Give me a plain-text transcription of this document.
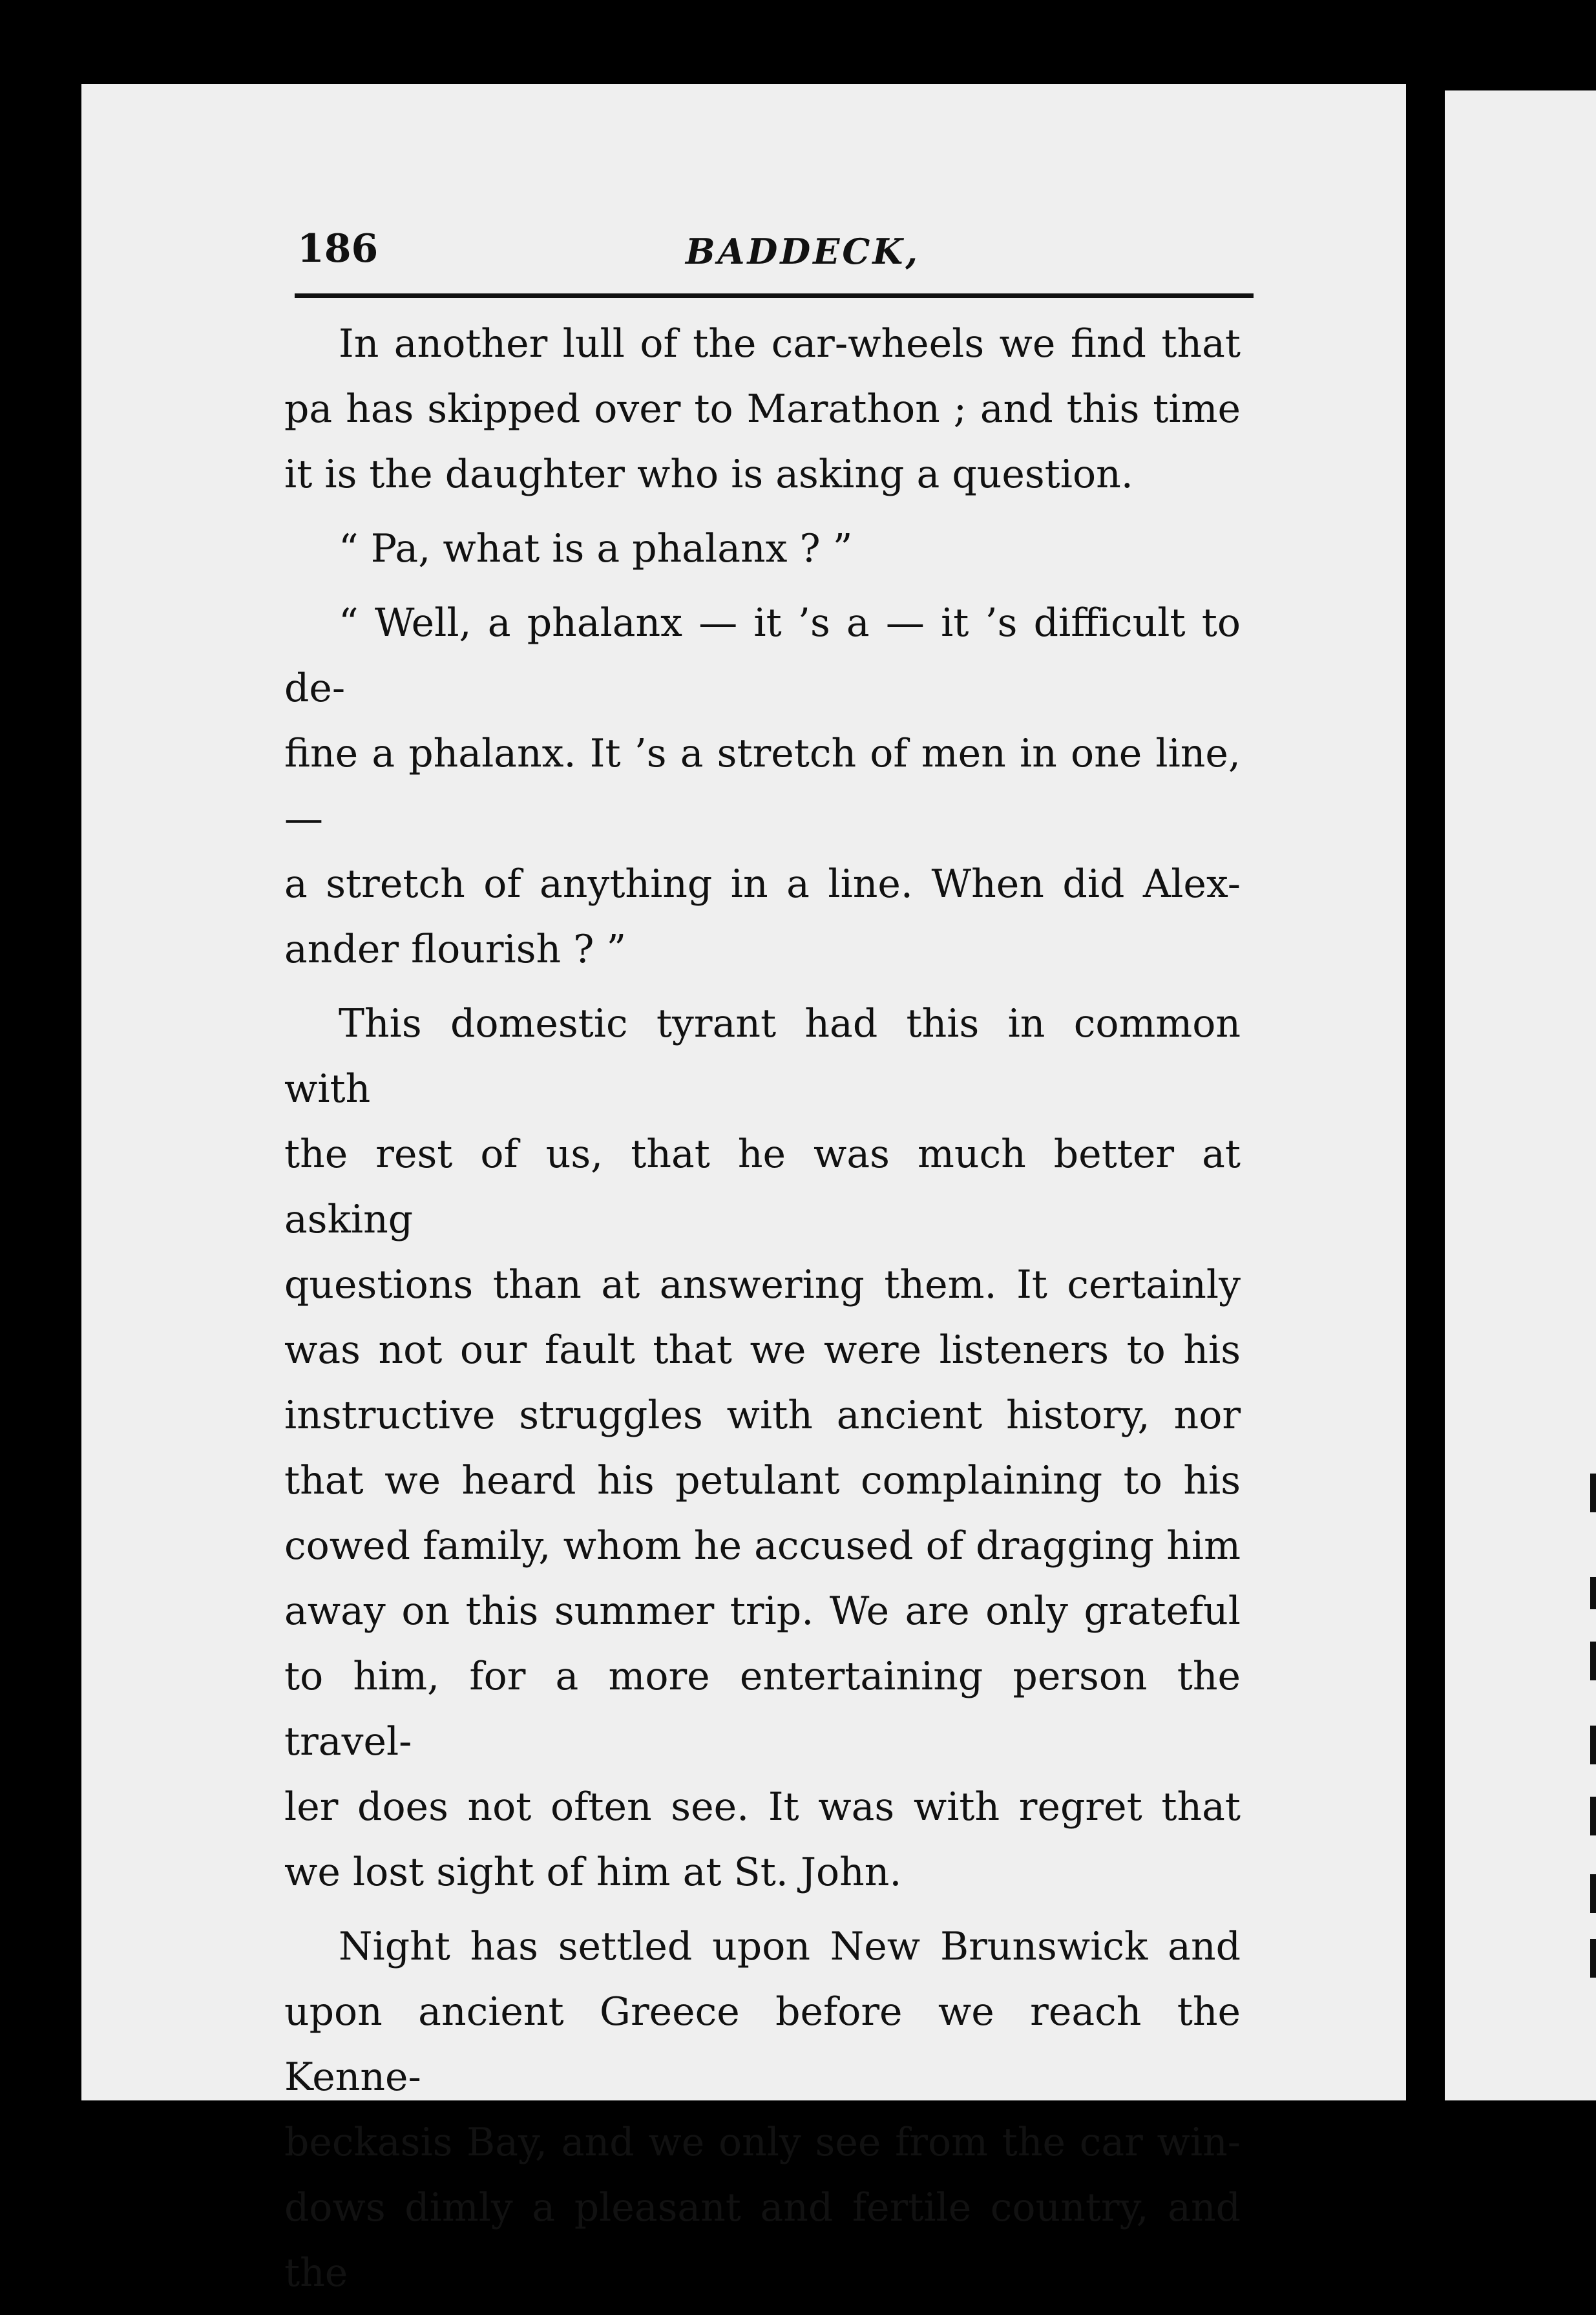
186	BADDECK,

In another lull of the car-wheels we find that
pa has skipped over to Marathon ; and this time
it is the daughter who is asking a question.

“ Pa, what is a phalanx ? ”

“ Well, a phalanx — it ’s a — it ’s difficult to de-
fine a phalanx. It ’s a stretch of men in one line, —
a stretch of anything in a line. When did Alex-
ander flourish ? ”

This domestic tyrant had this in common with
the rest of us, that he was much better at asking
questions than at answering them. It certainly
was not our fault that we were listeners to his
instructive struggles with ancient history, nor
that we heard his petulant complaining to his
cowed family, whom he accused of dragging him
away on this summer trip. We are only grateful
to him, for a more entertaining person the travel-
ler does not often see. It was with regret that
we lost sight of him at St. John.

Night has settled upon New Brunswick and
upon ancient Greece before we reach the Kenne-
beckasis Bay, and we only see from the car win-
dows dimly a pleasant and fertile country, and the
